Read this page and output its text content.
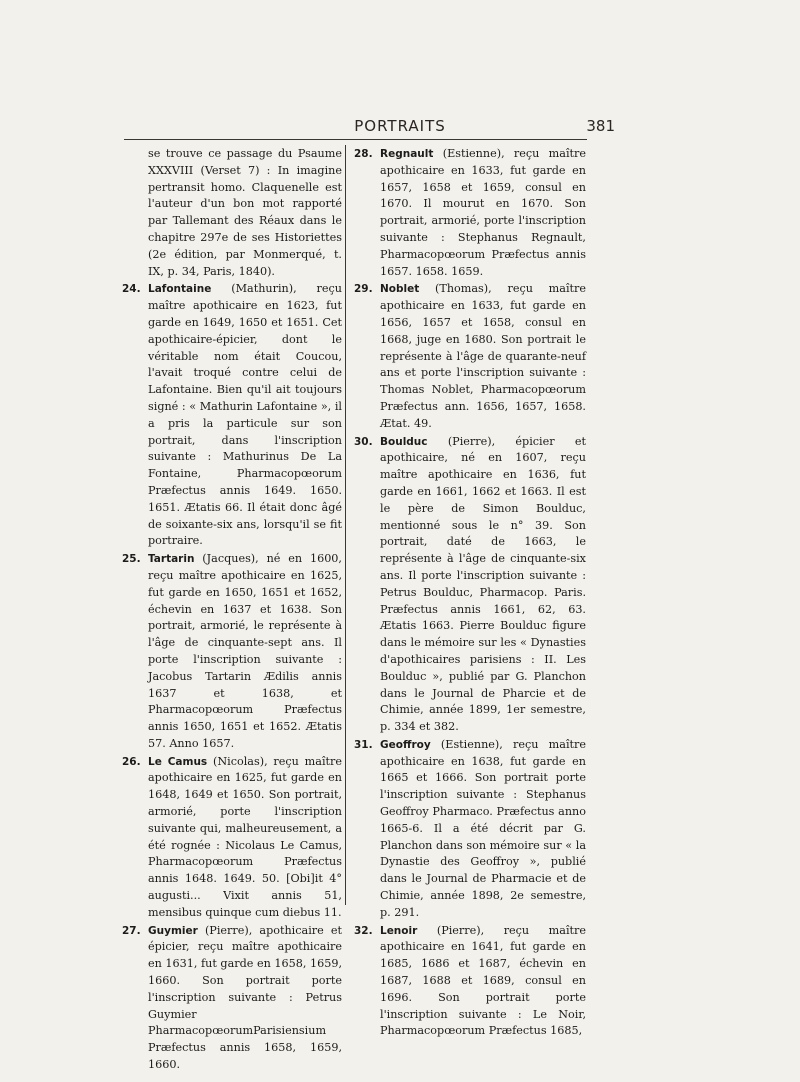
PORTRAITS	381

se trouve ce passage du Psaume XXXVIII (Verset 7) : In imagine pertransit homo. Claquenelle est l'auteur d'un bon mot rapporté par Tallemant des Réaux dans le chapitre 297e de ses Historiettes (2e édition, par Monmerqué, t. IX, p. 34, Paris, 1840).

24. Lafontaine (Mathurin), reçu maître apothicaire en 1623, fut garde en 1649, 1650 et 1651. Cet apothicaire-épicier, dont le véritable nom était Coucou, l'avait troqué contre celui de Lafontaine. Bien qu'il ait toujours signé : « Mathurin Lafontaine », il a pris la particule sur son portrait, dans l'inscription suivante : Mathurinus De La Fontaine, Pharmacopœorum Præfectus annis 1649. 1650. 1651. Ætatis 66. Il était donc âgé de soixante-six ans, lorsqu'il se fit portraire.

25. Tartarin (Jacques), né en 1600, reçu maître apothicaire en 1625, fut garde en 1650, 1651 et 1652, échevin en 1637 et 1638. Son portrait, armorié, le représente à l'âge de cinquante-sept ans. Il porte l'inscription suivante : Jacobus Tartarin Ædilis annis 1637 et 1638, et Pharmacopœorum Præfectus annis 1650, 1651 et 1652. Ætatis 57. Anno 1657.

26. Le Camus (Nicolas), reçu maître apothicaire en 1625, fut garde en 1648, 1649 et 1650. Son portrait, armorié, porte l'inscription suivante qui, malheureusement, a été rognée : Nicolaus Le Camus, Pharmacopœorum Præfectus annis 1648. 1649. 50. [Obi]it 4° augusti... Vixit annis 51, mensibus quinque cum diebus 11.

27. Guymier (Pierre), apothicaire et épicier, reçu maître apothicaire en 1631, fut garde en 1658, 1659, 1660. Son portrait porte l'inscription suivante : Petrus Guymier PharmacopœorumParisiensium Præfectus annis 1658, 1659, 1660.

28. Regnault (Estienne), reçu maître apothicaire en 1633, fut garde en 1657, 1658 et 1659, consul en 1670. Il mourut en 1670. Son portrait, armorié, porte l'inscription suivante : Stephanus Regnault, Pharmacopœorum Præfectus annis 1657. 1658. 1659.

29. Noblet (Thomas), reçu maître apothicaire en 1633, fut garde en 1656, 1657 et 1658, consul en 1668, juge en 1680. Son portrait le représente à l'âge de quarante-neuf ans et porte l'inscription suivante : Thomas Noblet, Pharmacopœorum Præfectus ann. 1656, 1657, 1658. Ætat. 49.

30. Boulduc (Pierre), épicier et apothicaire, né en 1607, reçu maître apothicaire en 1636, fut garde en 1661, 1662 et 1663. Il est le père de Simon Boulduc, mentionné sous le n° 39. Son portrait, daté de 1663, le représente à l'âge de cinquante-six ans. Il porte l'inscription suivante : Petrus Boulduc, Pharmacop. Paris. Præfectus annis 1661, 62, 63. Ætatis 1663. Pierre Boulduc figure dans le mémoire sur les « Dynasties d'apothicaires parisiens : II. Les Boulduc », publié par G. Planchon dans le Journal de Pharcie et de Chimie, année 1899, 1er semestre, p. 334 et 382.

31. Geoffroy (Estienne), reçu maître apothicaire en 1638, fut garde en 1665 et 1666. Son portrait porte l'inscription suivante : Stephanus Geoffroy Pharmaco. Præfectus anno 1665-6. Il a été décrit par G. Planchon dans son mémoire sur « la Dynastie des Geoffroy », publié dans le Journal de Pharmacie et de Chimie, année 1898, 2e semestre, p. 291.

32. Lenoir (Pierre), reçu maître apothicaire en 1641, fut garde en 1685, 1686 et 1687, échevin en 1687, 1688 et 1689, consul en 1696. Son portrait porte l'inscription suivante : Le Noir, Pharmacopœorum Præfectus 1685,
